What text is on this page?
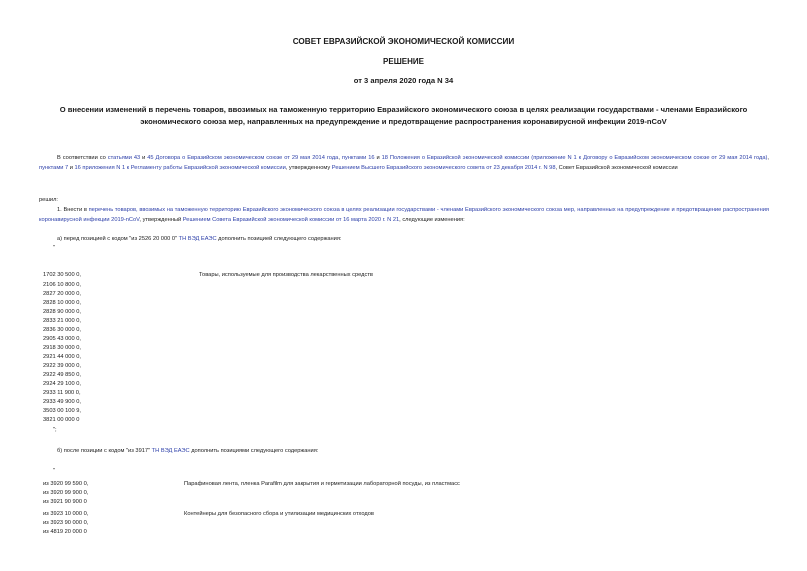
СОВЕТ ЕВРАЗИЙСКОЙ ЭКОНОМИЧЕСКОЙ КОМИССИИ
РЕШЕНИЕ
от 3 апреля 2020 года N 34
О внесении изменений в перечень товаров, ввозимых на таможенную территорию Евразийского экономического союза в целях реализации государствами - членами Евразийского экономического союза мер, направленных на предупреждение и предотвращение распространения коронавирусной инфекции 2019-nCoV
В соответствии со статьями 43 и 45 Договора о Евразийском экономическом союзе от 29 мая 2014 года, пунктами 16 и 18 Положения о Евразийской экономической комиссии (приложение N 1 к Договору о Евразийском экономическом союзе от 29 мая 2014 года), пунктами 7 и 16 приложения N 1 к Регламенту работы Евразийской экономической комиссии, утвержденному Решением Высшего Евразийского экономического совета от 23 декабря 2014 г. N 98, Совет Евразийской экономической комиссии
решил:
1. Внести в перечень товаров, ввозимых на таможенную территорию Евразийского экономического союза в целях реализации государствами - членами Евразийского экономического союза мер, направленных на предупреждение и предотвращение распространения коронавирусной инфекции 2019-nCoV, утвержденный Решением Совета Евразийской экономической комиссии от 16 марта 2020 г. N 21, следующие изменения:
а) перед позицией с кодом "из 2526 20 000 0" ТН ВЭД ЕАЭС дополнить позицией следующего содержания:
"
Товары, используемые для производства лекарственных средств
1702 30 500 0,
2106 10 800 0,
2827 20 000 0,
2828 10 000 0,
2828 90 000 0,
2833 21 000 0,
2836 30 000 0,
2905 43 000 0,
2918 30 000 0,
2921 44 000 0,
2922 39 000 0,
2922 49 850 0,
2924 29 100 0,
2933 11 900 0,
2933 49 900 0,
3503 00 100 9,
3821 00 000 0
";
б) после позиции с кодом "из 3917" ТН ВЭД ЕАЭС дополнить позициями следующего содержания:
"
из 3920 99 590 0,
из 3920 99 900 0,
из 3921 90 900 0
Парафиновая лента, пленка Parafilm для закрытия и герметизации лабораторной посуды, из пластмасс
из 3923 10 000 0,
из 3923 90 000 0,
из 4819 20 000 0
Контейнеры для безопасного сбора и утилизации медицинских отходов
